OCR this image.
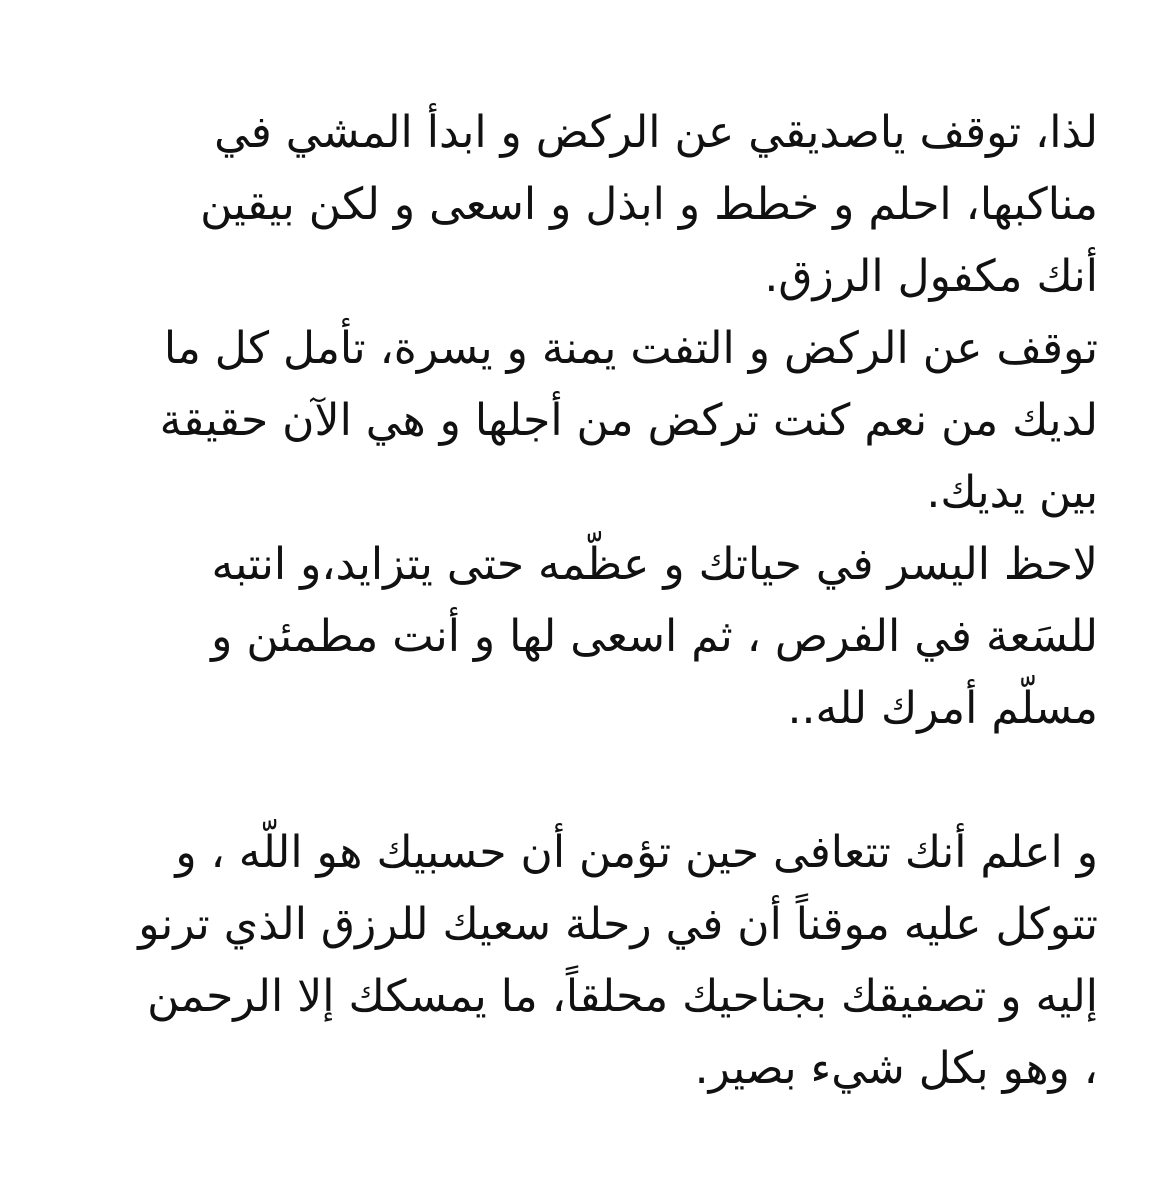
لذا، توقف ياصديقي عن الركض و ابدأ المشي في
مناكبها، احلم و خطط و ابذل و اسعى و لكن بيقين
أنك مكفول الرزق.
توقف عن الركض و التفت يمنة و يسرة، تأمل كل ما
لديك من نعم كنت تركض من أجلها و هي الآن حقيقة
بين يديك.
لاحظ اليسر في حياتك و عظّمه حتى يتزايد،و انتبه
للسَعة في الفرص ، ثم اسعى لها و أنت مطمئن و
مسلّم أمرك لله..
و اعلم أنك تتعافى حين تؤمن أن حسبيك هو اللّه ، و
تتوكل عليه موقناً أن في رحلة سعيك للرزق الذي ترنو
إليه و تصفيقك بجناحيك محلقاً، ما يمسكك إلا الرحمن
، وهو بكل شيء بصير.
